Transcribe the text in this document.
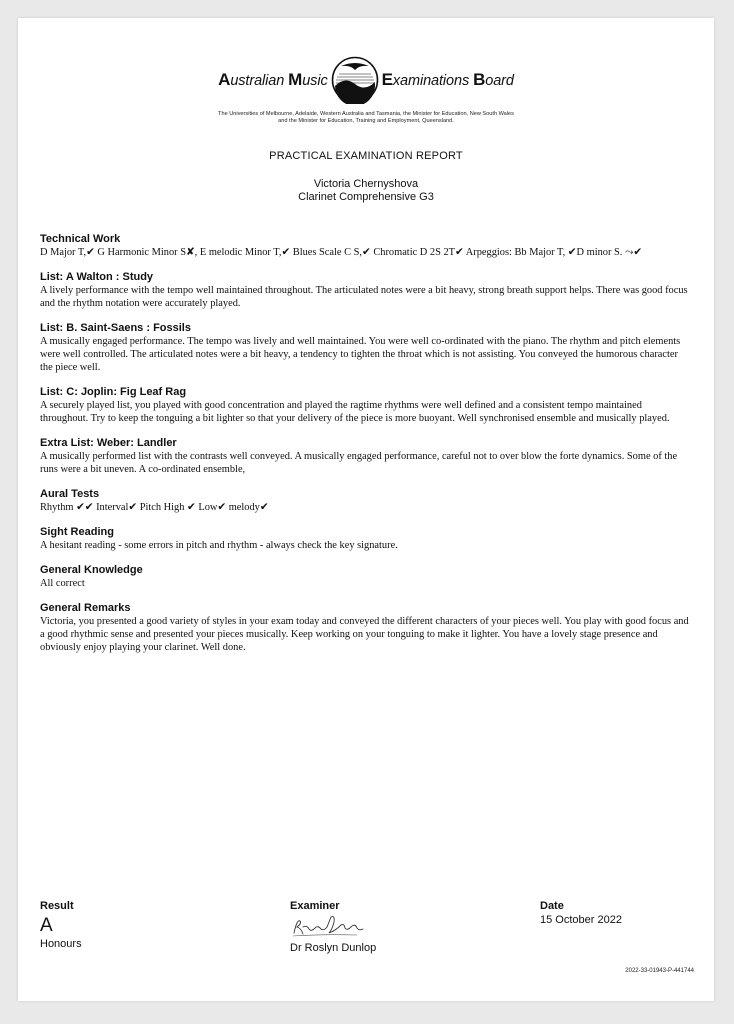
Australian Music	Examinations Board
The Universities of Melbourne, Adelaide, Western Australia and Tasmania, the Minister for Education, New South Wales
and the Minister for Education, Training and Employment, Queensland.
PRACTICAL EXAMINATION REPORT
Victoria Chernyshova
Clarinet Comprehensive G3
Technical Work

D Major T,✔ G Harmonic Minor S✘, E melodic Minor T,✔ Blues Scale C S,✔ Chromatic D 2S 2T✔ Arpeggios: Bb Major T, ✔D minor S. ⤳✔

List: A Walton : Study

A lively performance with the tempo well maintained throughout. The articulated notes were a bit heavy, strong breath support helps. There was good focus and the rhythm notation were accurately played.

List: B. Saint-Saens : Fossils

A musically engaged performance. The tempo was lively and well maintained. You were well co-ordinated with the piano. The rhythm and pitch elements were well controlled. The articulated notes were a bit heavy, a tendency to tighten the throat which is not assisting. You conveyed the humorous character the piece well.

List: C: Joplin: Fig Leaf Rag

A securely played list, you played with good concentration and played the ragtime rhythms were well defined and a consistent tempo maintained throughout. Try to keep the tonguing a bit lighter so that your delivery of the piece is more buoyant. Well synchronised ensemble and musically played.

Extra List: Weber: Landler

A musically performed list with the contrasts well conveyed. A musically engaged performance, careful not to over blow the forte dynamics. Some of the runs were a bit uneven. A co-ordinated ensemble,

Aural Tests

Rhythm ✔✔ Interval✔ Pitch High ✔ Low✔ melody✔

Sight Reading

A hesitant reading - some errors in pitch and rhythm - always check the key signature.

General Knowledge

All correct

General Remarks

Victoria, you presented a good variety of styles in your exam today and conveyed the different characters of your pieces well. You play with good focus and a good rhythmic sense and presented your pieces musically. Keep working on your tonguing to make it lighter. You have a lovely stage presence and obviously enjoy playing your clarinet. Well done.

Result
A
Honours
Examiner
Dr Roslyn Dunlop
Date
15 October 2022
2022-33-01943-P-441744
